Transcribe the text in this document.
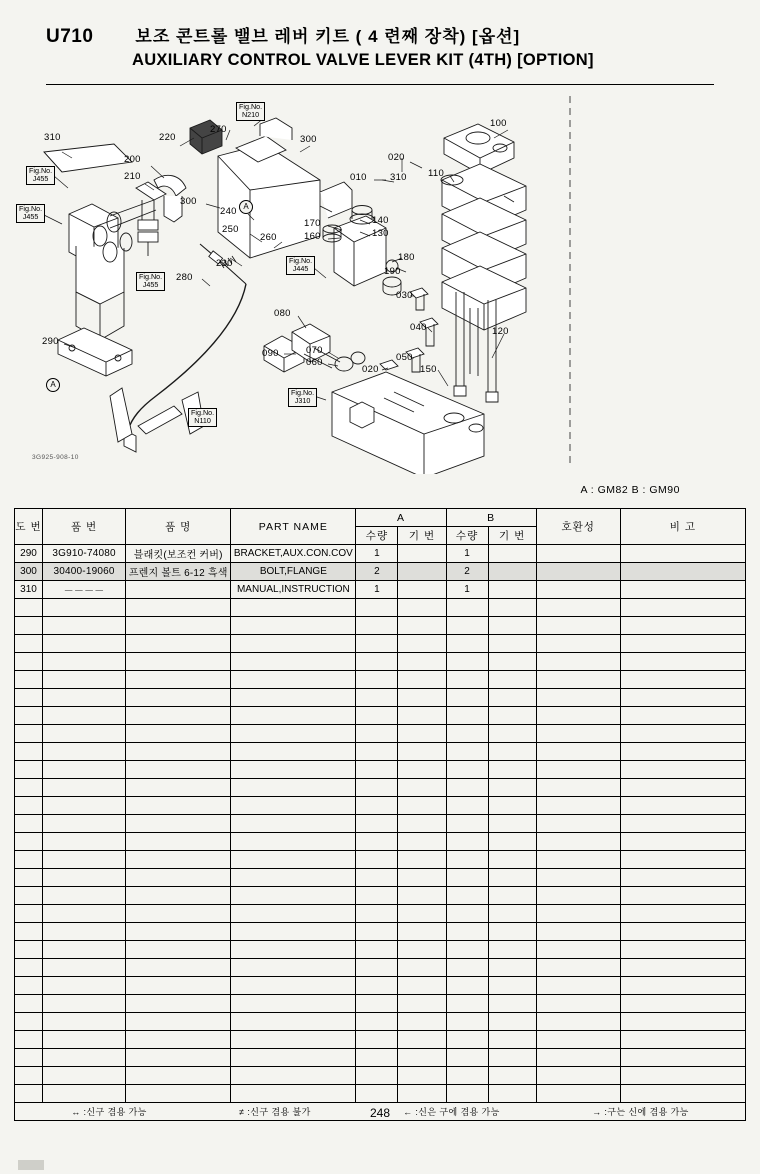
U710 보조 콘트롤 밸브 레버 키트 ( 4 련째 장착) [옵션]
AUXILIARY CONTROL VALVE LEVER KIT (4TH) [OPTION]
310	220
270
300
200
210
100
110
020
010 310
300
240
250
260
170
160
140
130
230
190
180
280
030
080
040	120
290
090	070
060	050
020	150
Fig.No.
N210
Fig.No.
J455
Fig.No.
J455
Fig.No.
J455
Fig.No.
J445
Fig.No.
J310
Fig.No.
N110
A
A
3G925-908-10
A : GM82 B : GM90
도 번	품 번	품 명	PART NAME	A		B		호환성	비 고
				수량	기 번	수량	기 번		
290	3G910-74080	블래킷(보조컨 커버)	BRACKET,AUX.CON.COV	1		1			
300	30400-19060	프렌지 볼트 6-12 흑색	BOLT,FLANGE	2		2			
310	－－－－		MANUAL,INSTRUCTION	1		1			

↔ :신구 겸용 가능 ≠ :신구 겸용 불가 ← :신은 구에 겸용 가능 → :구는 신에 겸용 가능									
248
